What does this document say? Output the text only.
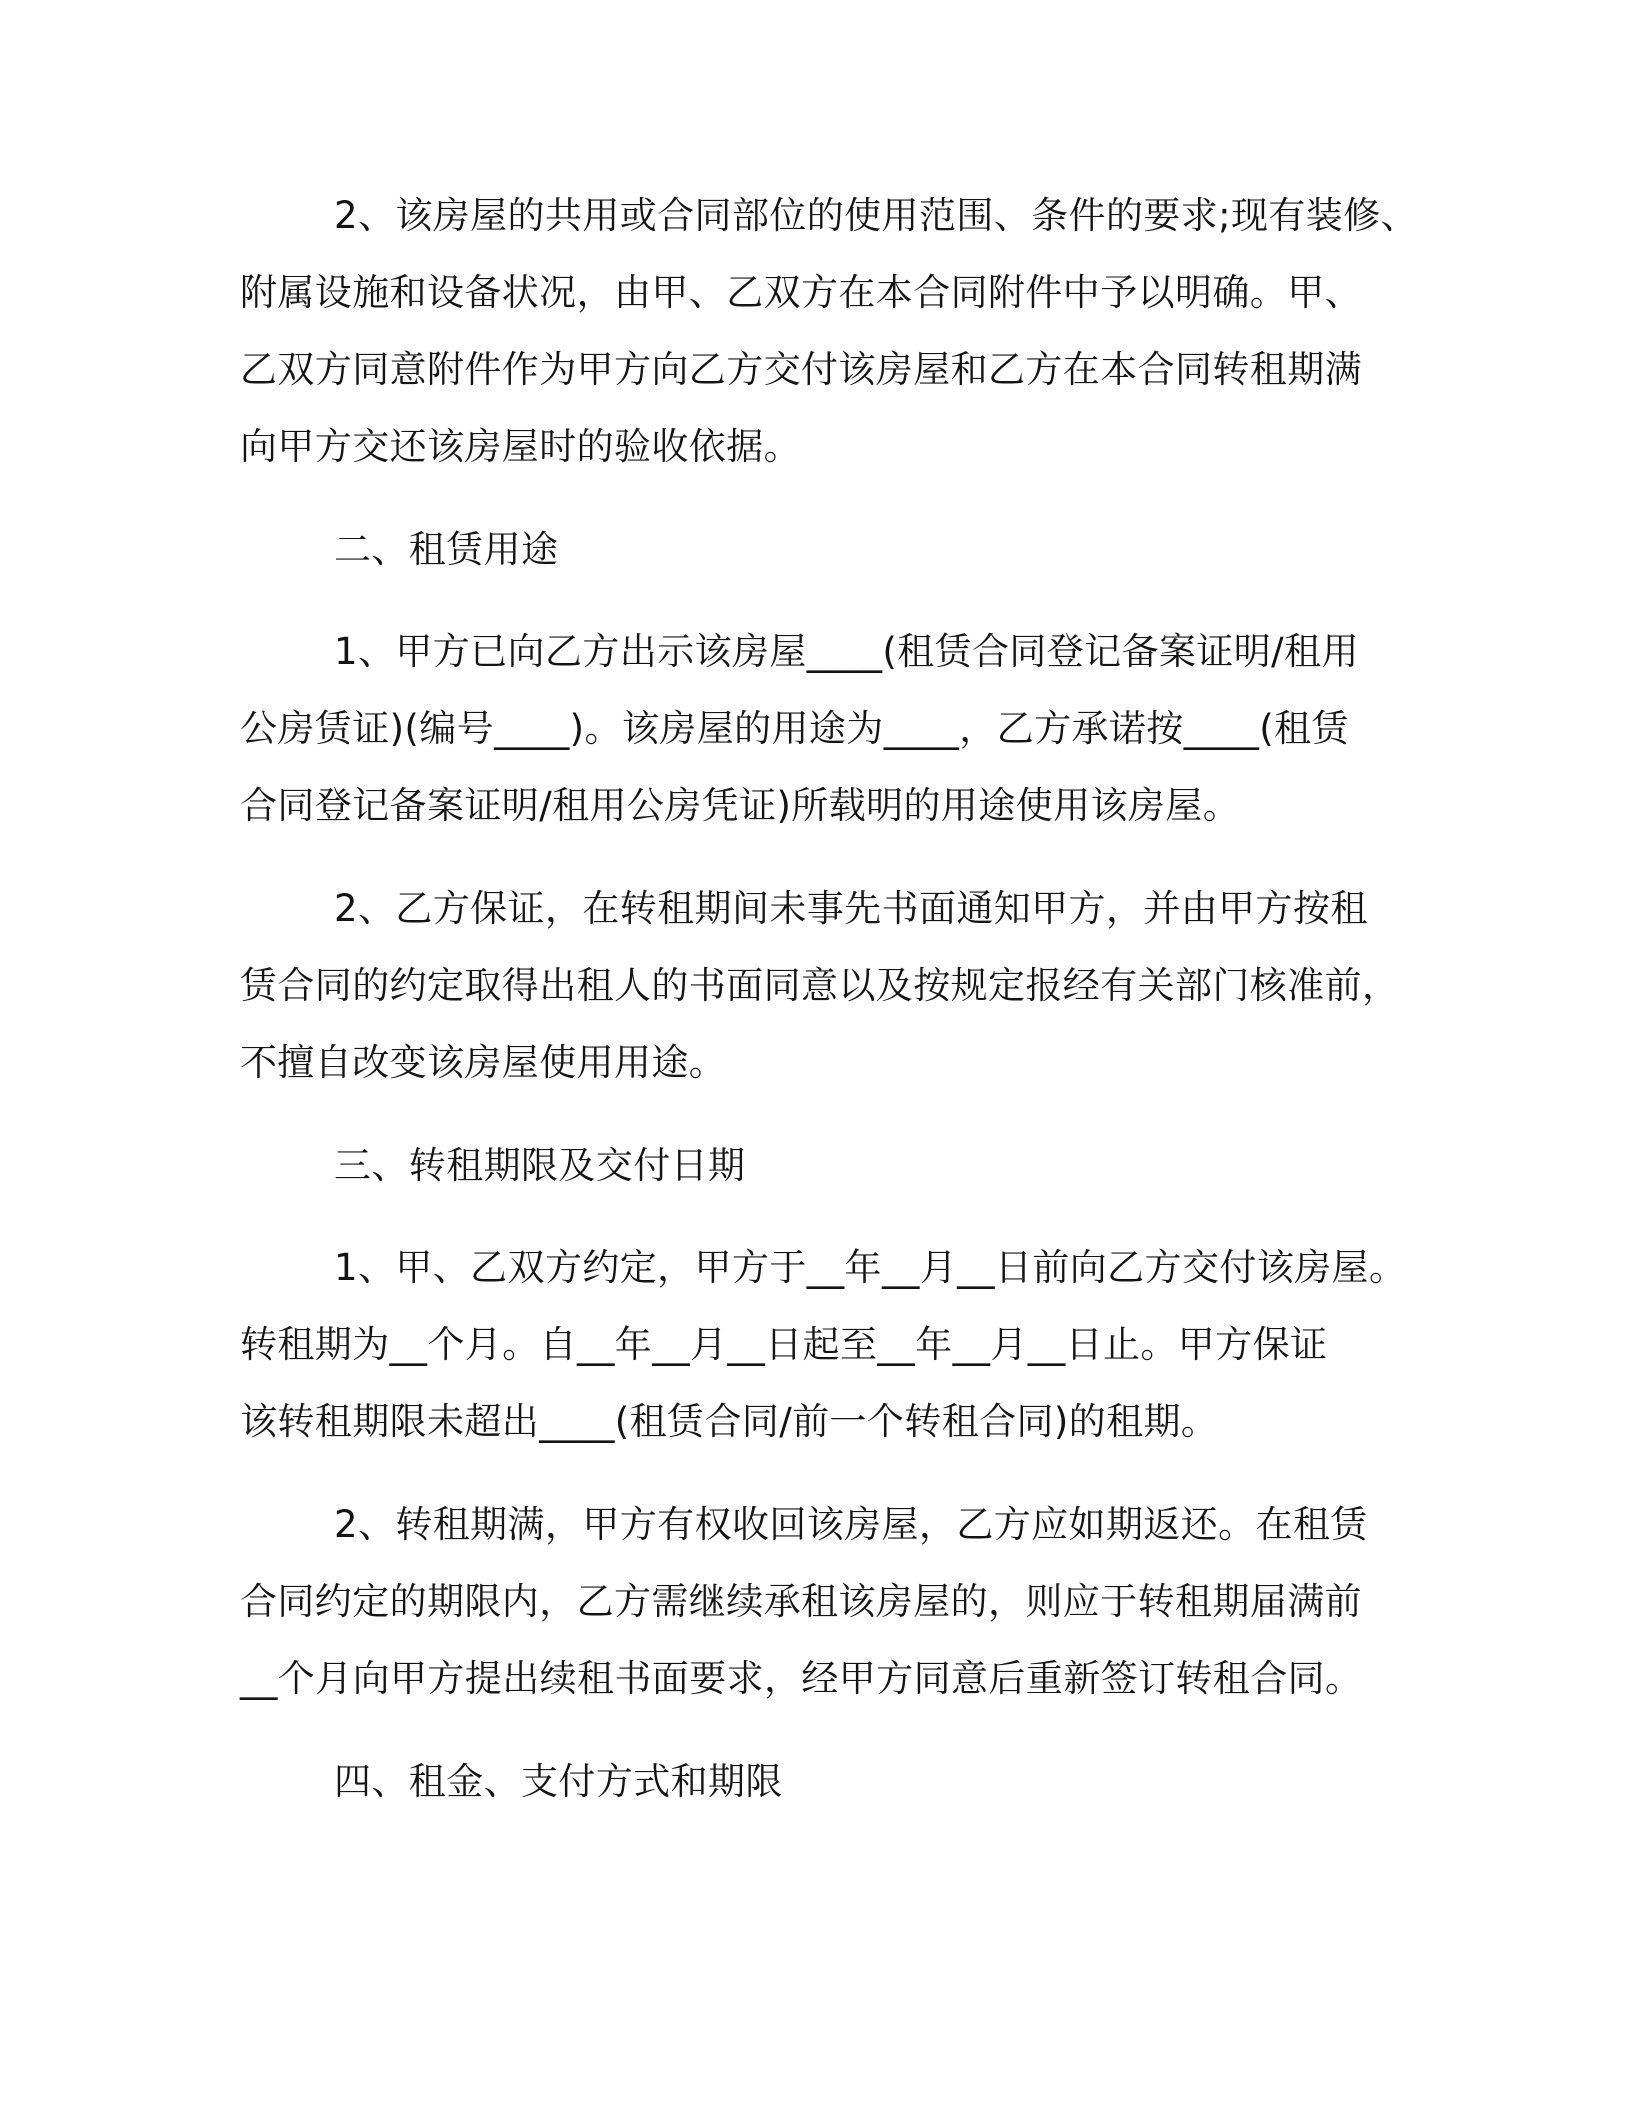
2、该房屋的共用或合同部位的使用范围、条件的要求;现有装修、
附属设施和设备状况，由甲、乙双方在本合同附件中予以明确。甲、
乙双方同意附件作为甲方向乙方交付该房屋和乙方在本合同转租期满
向甲方交还该房屋时的验收依据。
二、租赁用途
1、甲方已向乙方出示该房屋____(租赁合同登记备案证明/租用
公房赁证)(编号____)。该房屋的用途为____，乙方承诺按____(租赁
合同登记备案证明/租用公房凭证)所载明的用途使用该房屋。
2、乙方保证，在转租期间未事先书面通知甲方，并由甲方按租
赁合同的约定取得出租人的书面同意以及按规定报经有关部门核准前，
不擅自改变该房屋使用用途。
三、转租期限及交付日期
1、甲、乙双方约定，甲方于__年__月__日前向乙方交付该房屋。
转租期为__个月。自__年__月__日起至__年__月__日止。甲方保证
该转租期限未超出____(租赁合同/前一个转租合同)的租期。
2、转租期满，甲方有权收回该房屋，乙方应如期返还。在租赁
合同约定的期限内，乙方需继续承租该房屋的，则应于转租期届满前
__个月向甲方提出续租书面要求，经甲方同意后重新签订转租合同。
四、租金、支付方式和期限
